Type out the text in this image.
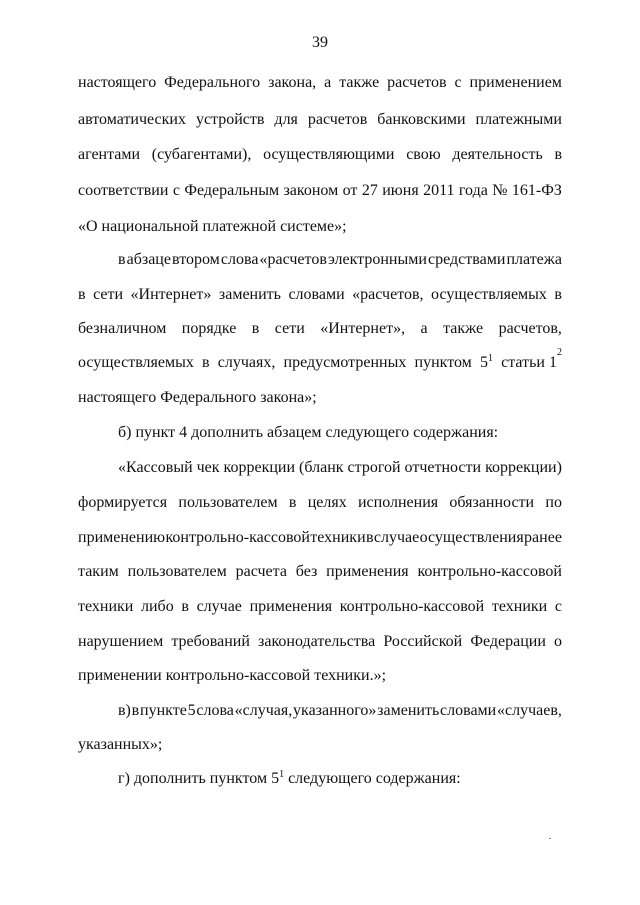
39
настоящего Федерального закона, а также расчетов с применением
автоматических устройств для расчетов банковскими платежными
агентами (субагентами), осуществляющими свою деятельность в
соответствии с Федеральным законом от 27 июня 2011 года № 161-ФЗ
«О национальной платежной системе»;
в абзаце втором слова «расчетов электронными средствами платежа
в сети «Интернет» заменить словами «расчетов, осуществляемых в
безналичном порядке в сети «Интернет», а также расчетов,
осуществляемых в случаях, предусмотренных пунктом $5^1$ статьи 1
2
настоящего Федерального закона»;
б) пункт 4 дополнить абзацем следующего содержания:
«Кассовый чек коррекции (бланк строгой отчетности коррекции)
формируется пользователем в целях исполнения обязанности по
применению контрольно-кассовой техники в случае осуществления ранее
таким пользователем расчета без применения контрольно-кассовой
техники либо в случае применения контрольно-кассовой техники с
нарушением требований законодательства Российской Федерации о
применении контрольно-кассовой техники.»;
в) в пункте 5 слова «случая, указанного» заменить словами «случаев,
указанных»;
г) дополнить пунктом $5^1$ следующего содержания:
